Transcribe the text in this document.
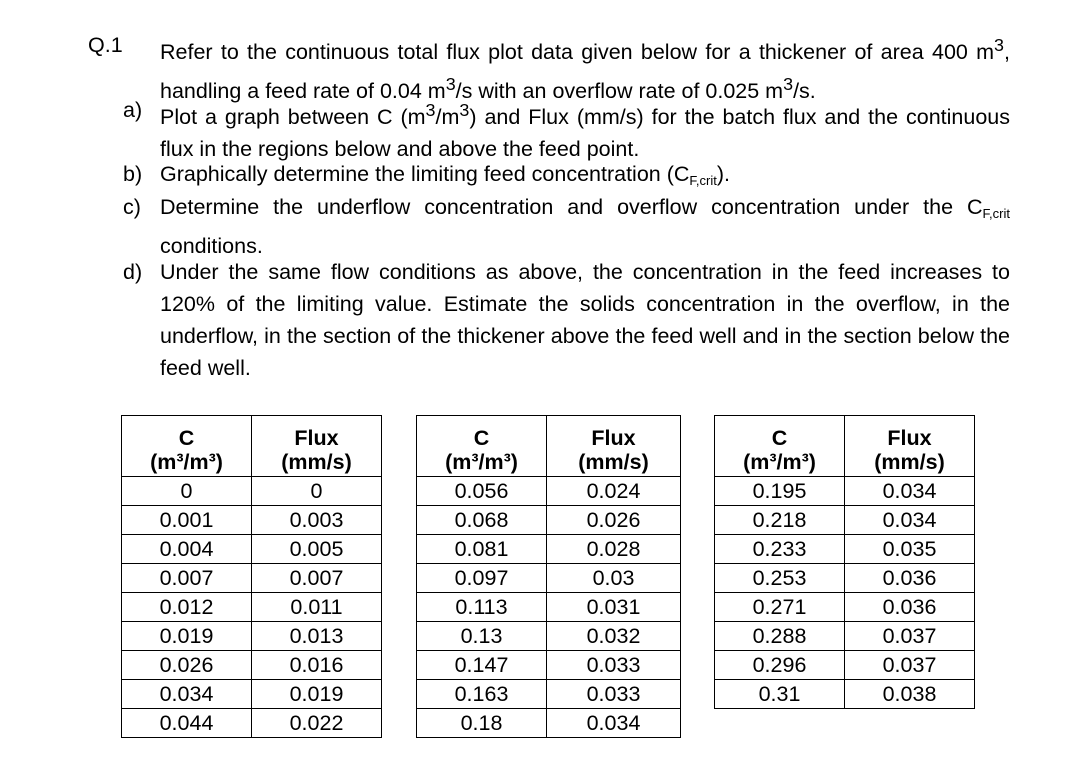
Q.1 Refer to the continuous total flux plot data given below for a thickener of area 400 $m^3$, handling a feed rate of 0.04 $m^3/s$ with an overflow rate of 0.025 $m^3/s$.
a) Plot a graph between C $(m^3/m^3)$ and Flux (mm/s) for the batch flux and the continuous flux in the regions below and above the feed point.
b) Graphically determine the limiting feed concentration $(C_{F,crit})$.
c) Determine the underflow concentration and overflow concentration under the $C_{F,crit}$ conditions.
d) Under the same flow conditions as above, the concentration in the feed increases to 120% of the limiting value. Estimate the solids concentration in the overflow, in the underflow, in the section of the thickener above the feed well and in the section below the feed well.
C
(m³/m³)	Flux
(mm/s)
0	0
0.001	0.003
0.004	0.005
0.007	0.007
0.012	0.011
0.019	0.013
0.026	0.016
0.034	0.019
0.044	0.022
C
(m³/m³)	Flux
(mm/s)
0.056	0.024
0.068	0.026
0.081	0.028
0.097	0.03
0.113	0.031
0.13	0.032
0.147	0.033
0.163	0.033
0.18	0.034
C
(m³/m³)	Flux
(mm/s)
0.195	0.034
0.218	0.034
0.233	0.035
0.253	0.036
0.271	0.036
0.288	0.037
0.296	0.037
0.31	0.038
